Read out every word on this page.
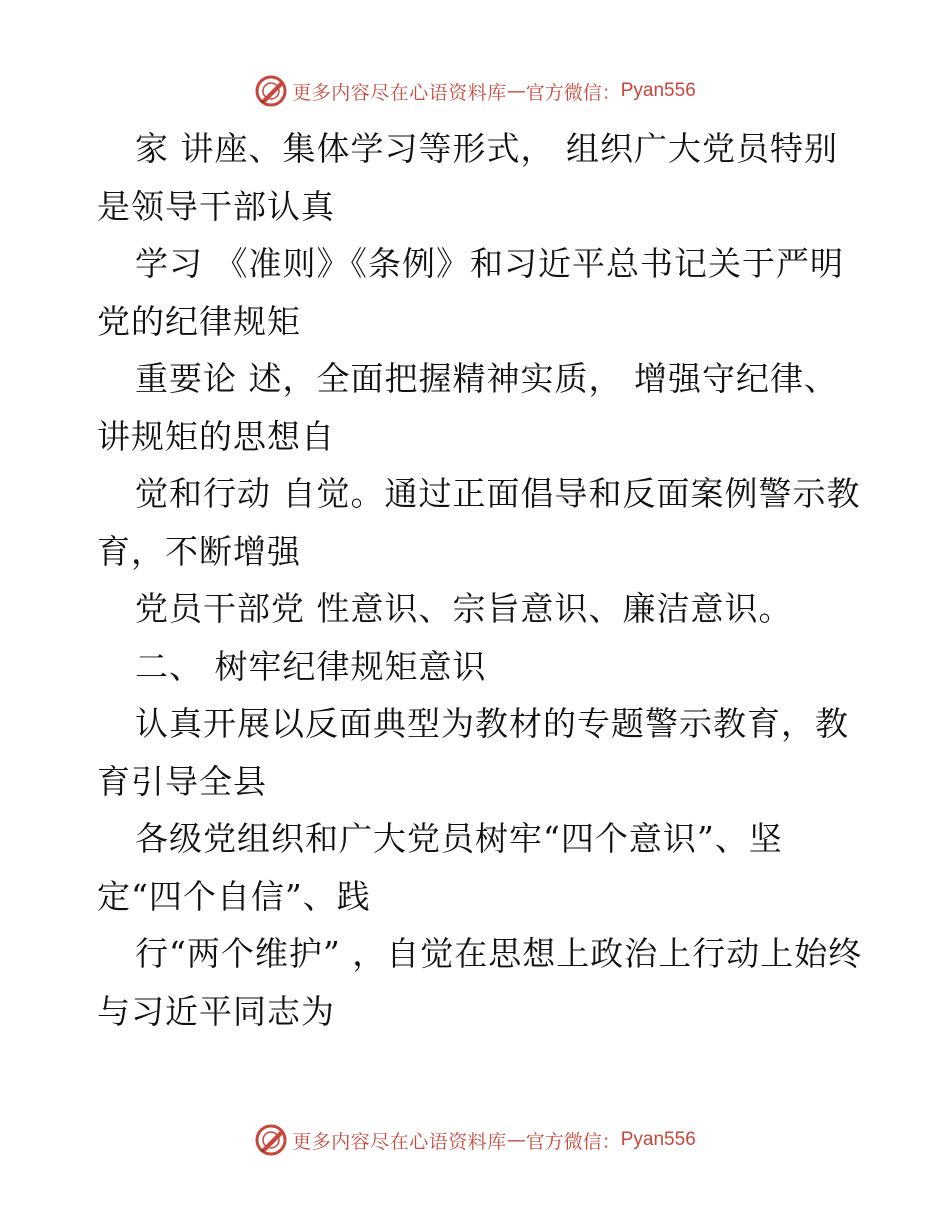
更多内容尽在心语资料库 — 官方微信： Pyan556

家 讲座、集体学习等形式， 组织广大党员特别是领导干部认真

学习 《准则》《条例》和习近平总书记关于严明党的纪律规矩

重要论 述，全面把握精神实质， 增强守纪律、讲规矩的思想自

觉和行动 自觉。通过正面倡导和反面案例警示教育，不断增强

党员干部党 性意识、宗旨意识、廉洁意识。

二、 树牢纪律规矩意识

认真开展以反面典型为教材的专题警示教育，教育引导全县

各级党组织和广大党员树牢“四个意识”、坚定“四个自信”、践

行“两个维护” ，自觉在思想上政治上行动上始终与习近平同志为

更多内容尽在心语资料库 — 官方微信： Pyan556
